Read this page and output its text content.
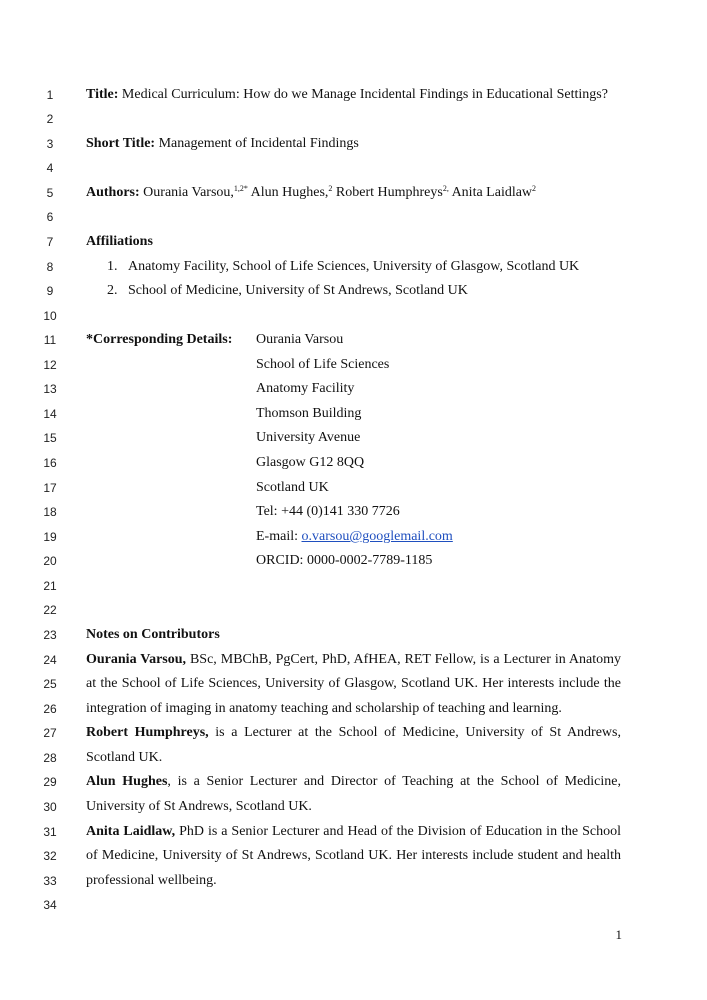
1
2
3
4
5
6
7
8
9
10
11
12
13
14
15
16
17
18
19
20
21
22
23
24
25
26
27
28
29
30
31
32
33
34
Title: Medical Curriculum: How do we Manage Incidental Findings in Educational Settings?
Short Title: Management of Incidental Findings
Authors: Ourania Varsou,$^{1,2*}$ Alun Hughes,$^2$ Robert Humphreys$^{2,}$ Anita Laidlaw$^2$
Affiliations
1. Anatomy Facility, School of Life Sciences, University of Glasgow, Scotland UK
2. School of Medicine, University of St Andrews, Scotland UK
*Corresponding Details:	Ourania Varsou
School of Life Sciences
Anatomy Facility
Thomson Building
University Avenue
Glasgow G12 8QQ
Scotland UK
Tel: +44 (0)141 330 7726
E-mail: o.varsou@googlemail.com
ORCID: 0000-0002-7789-1185
Notes on Contributors
Ourania Varsou, BSc, MBChB, PgCert, PhD, AfHEA, RET Fellow, is a Lecturer in Anatomy
at the School of Life Sciences, University of Glasgow, Scotland UK. Her interests include the
integration of imaging in anatomy teaching and scholarship of teaching and learning.
Robert Humphreys, is a Lecturer at the School of Medicine, University of St Andrews,
Scotland UK.
Alun Hughes, is a Senior Lecturer and Director of Teaching at the School of Medicine,
University of St Andrews, Scotland UK.
Anita Laidlaw, PhD is a Senior Lecturer and Head of the Division of Education in the School
of Medicine, University of St Andrews, Scotland UK. Her interests include student and health
professional wellbeing.
1
